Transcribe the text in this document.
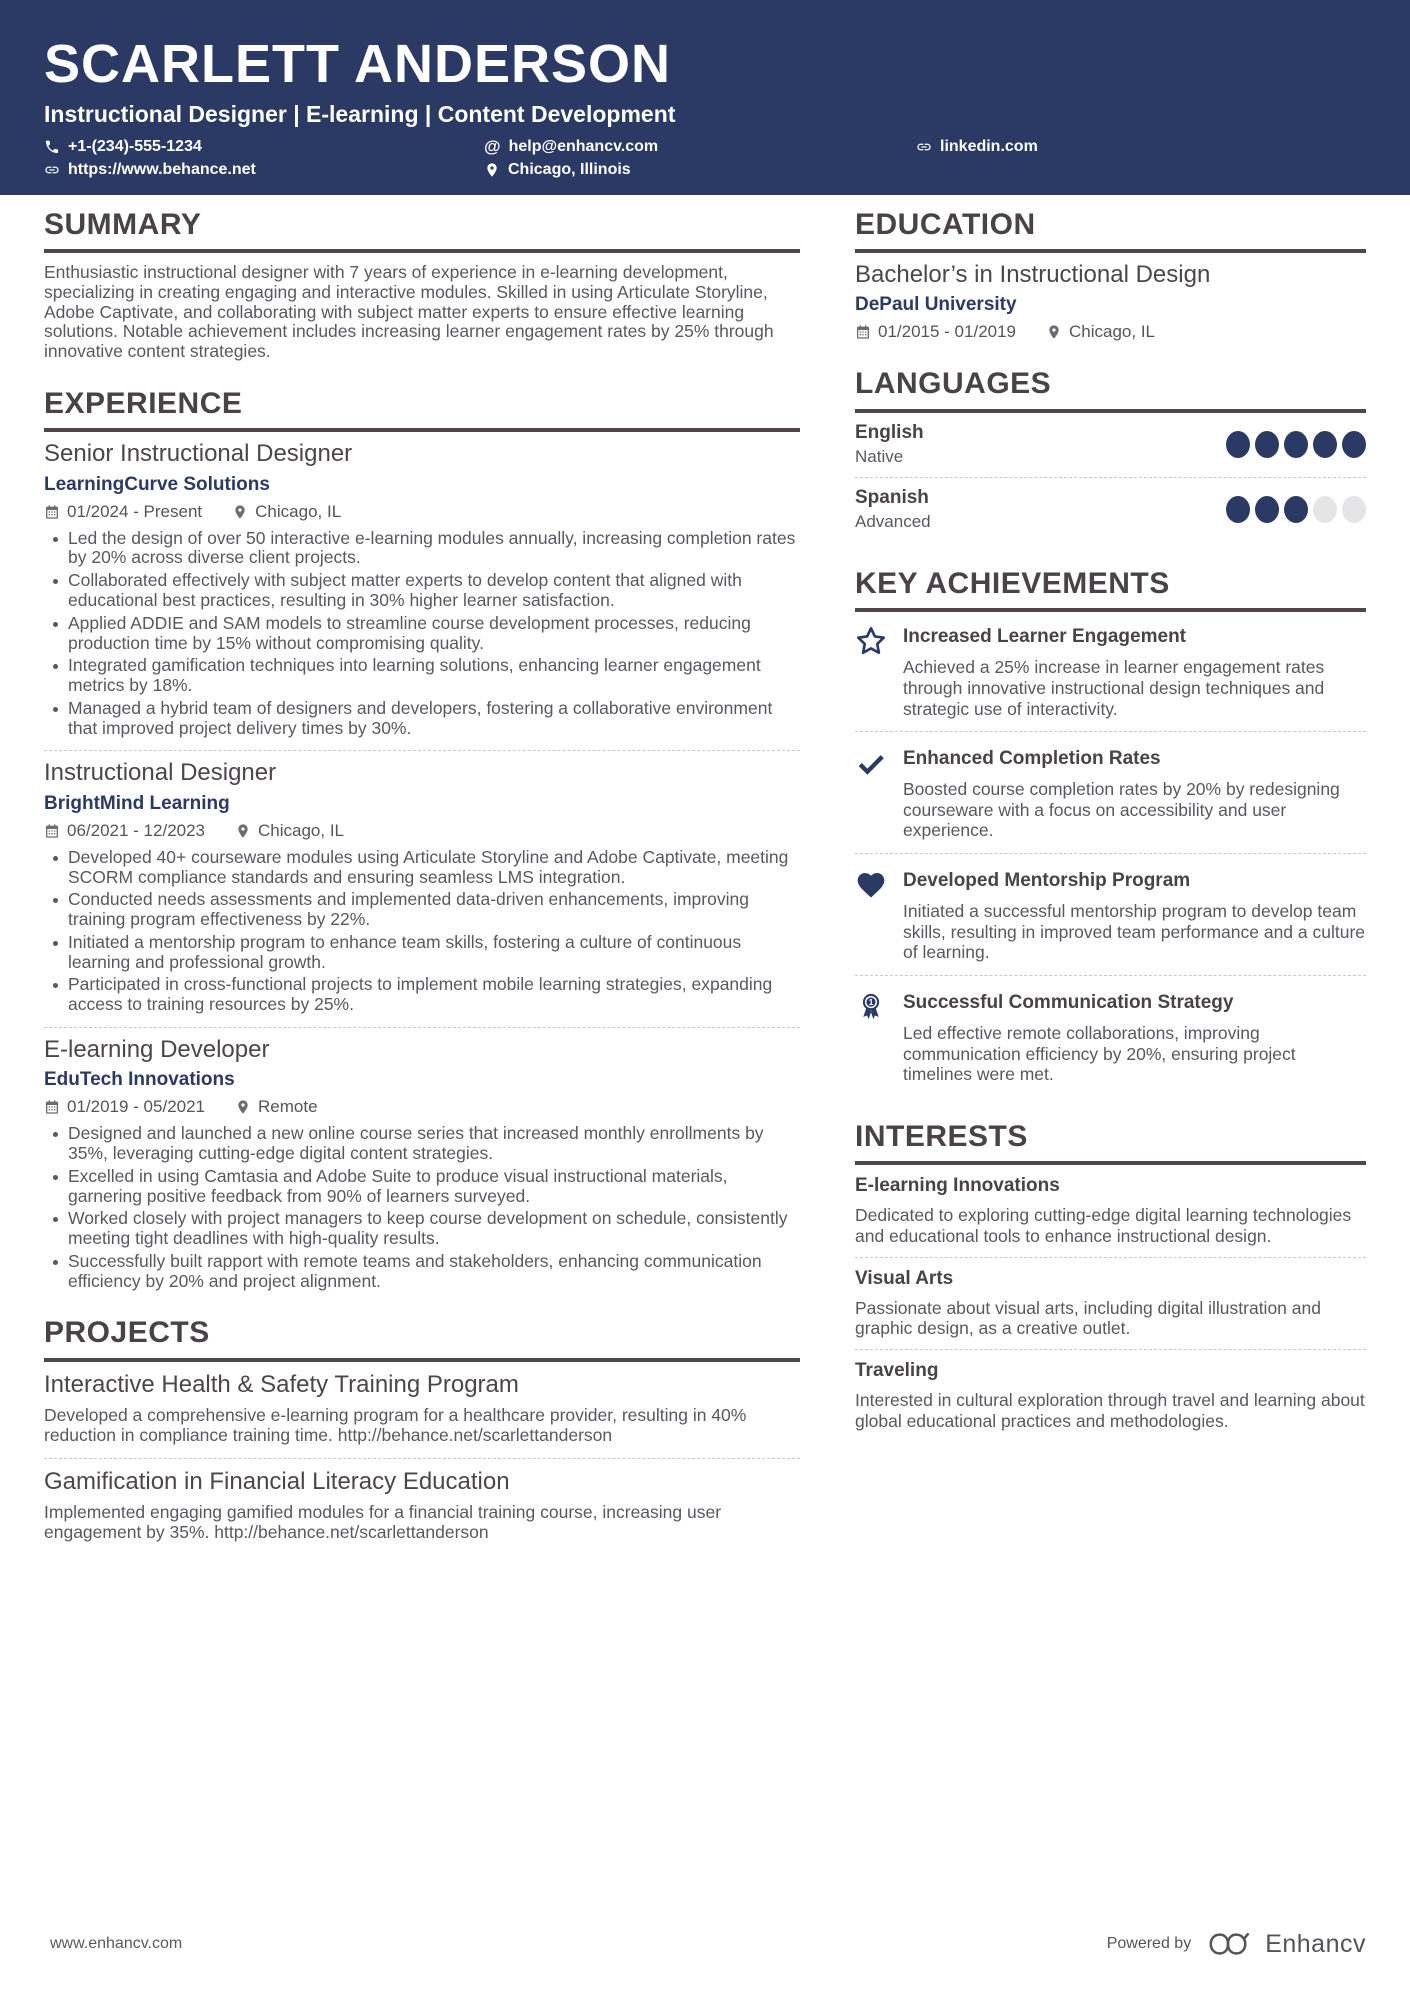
SCARLETT ANDERSON
Instructional Designer | E-learning | Content Development
+1-(234)-555-1234	@ help@enhancv.com	linkedin.com
https://www.behance.net	Chicago, Illinois
SUMMARY

Enthusiastic instructional designer with 7 years of experience in e-learning development, specializing in creating engaging and interactive modules. Skilled in using Articulate Storyline, Adobe Captivate, and collaborating with subject matter experts to ensure effective learning solutions. Notable achievement includes increasing learner engagement rates by 25% through innovative content strategies.

EXPERIENCE
Senior Instructional Designer
LearningCurve Solutions
01/2024 - Present	Chicago, IL
Led the design of over 50 interactive e-learning modules annually, increasing completion rates by 20% across diverse client projects.
Collaborated effectively with subject matter experts to develop content that aligned with educational best practices, resulting in 30% higher learner satisfaction.
Applied ADDIE and SAM models to streamline course development processes, reducing production time by 15% without compromising quality.
Integrated gamification techniques into learning solutions, enhancing learner engagement metrics by 18%.
Managed a hybrid team of designers and developers, fostering a collaborative environment that improved project delivery times by 30%.
Instructional Designer
BrightMind Learning
06/2021 - 12/2023	Chicago, IL
Developed 40+ courseware modules using Articulate Storyline and Adobe Captivate, meeting SCORM compliance standards and ensuring seamless LMS integration.
Conducted needs assessments and implemented data-driven enhancements, improving training program effectiveness by 22%.
Initiated a mentorship program to enhance team skills, fostering a culture of continuous learning and professional growth.
Participated in cross-functional projects to implement mobile learning strategies, expanding access to training resources by 25%.
E-learning Developer
EduTech Innovations
01/2019 - 05/2021	Remote
Designed and launched a new online course series that increased monthly enrollments by 35%, leveraging cutting-edge digital content strategies.
Excelled in using Camtasia and Adobe Suite to produce visual instructional materials, garnering positive feedback from 90% of learners surveyed.
Worked closely with project managers to keep course development on schedule, consistently meeting tight deadlines with high-quality results.
Successfully built rapport with remote teams and stakeholders, enhancing communication efficiency by 20% and project alignment.
PROJECTS
Interactive Health & Safety Training Program

Developed a comprehensive e-learning program for a healthcare provider, resulting in 40% reduction in compliance training time. http://behance.net/scarlettanderson

Gamification in Financial Literacy Education

Implemented engaging gamified modules for a financial training course, increasing user engagement by 35%. http://behance.net/scarlettanderson

EDUCATION
Bachelor’s in Instructional Design
DePaul University
01/2015 - 01/2019	Chicago, IL
LANGUAGES
English
Native
Spanish
Advanced
KEY ACHIEVEMENTS
Increased Learner Engagement
Achieved a 25% increase in learner engagement rates through innovative instructional design techniques and strategic use of interactivity.
Enhanced Completion Rates
Boosted course completion rates by 20% by redesigning courseware with a focus on accessibility and user experience.
Developed Mentorship Program
Initiated a successful mentorship program to develop team skills, resulting in improved team performance and a culture of learning.
1 Successful Communication Strategy
Led effective remote collaborations, improving communication efficiency by 20%, ensuring project timelines were met.
INTERESTS
E-learning Innovations

Dedicated to exploring cutting-edge digital learning technologies and educational tools to enhance instructional design.

Visual Arts

Passionate about visual arts, including digital illustration and graphic design, as a creative outlet.

Traveling

Interested in cultural exploration through travel and learning about global educational practices and methodologies.

www.enhancv.com	Powered by	Enhancv
